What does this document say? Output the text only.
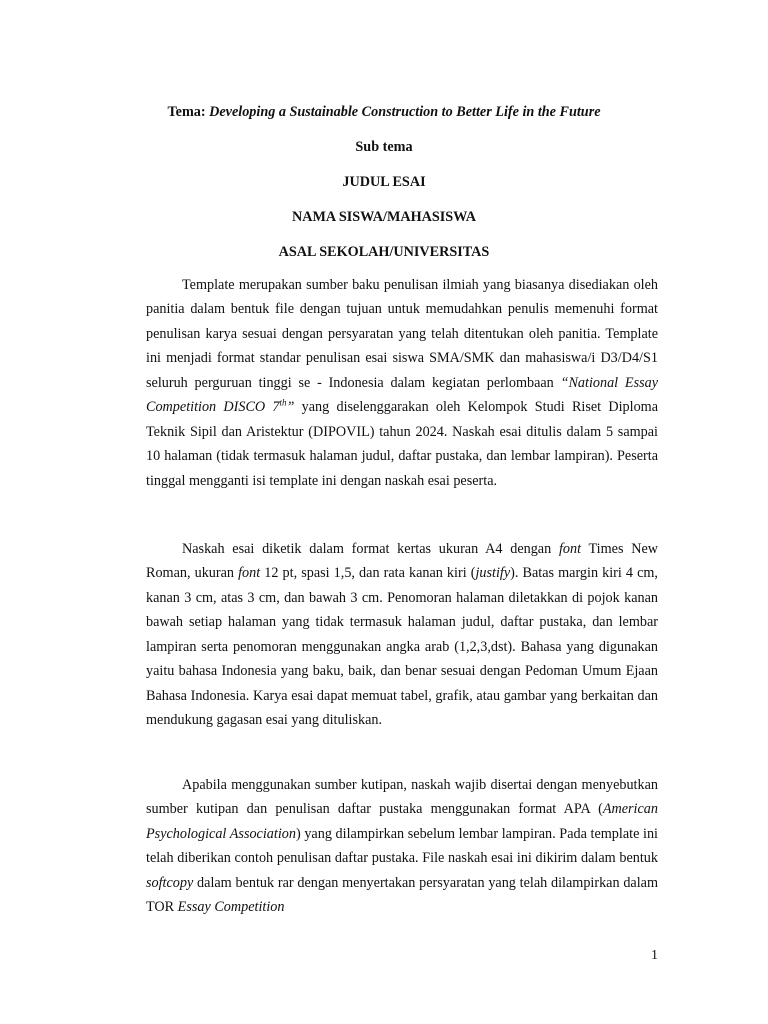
Tema: Developing a Sustainable Construction to Better Life in the Future
Sub tema
JUDUL ESAI
NAMA SISWA/MAHASISWA
ASAL SEKOLAH/UNIVERSITAS

Template merupakan sumber baku penulisan ilmiah yang biasanya disediakan oleh panitia dalam bentuk file dengan tujuan untuk memudahkan penulis memenuhi format penulisan karya sesuai dengan persyaratan yang telah ditentukan oleh panitia. Template ini menjadi format standar penulisan esai siswa SMA/SMK dan mahasiswa/i D3/D4/S1 seluruh perguruan tinggi se - Indonesia dalam kegiatan perlombaan “National Essay Competition DISCO 7th” yang diselenggarakan oleh Kelompok Studi Riset Diploma Teknik Sipil dan Aristektur (DIPOVIL) tahun 2024. Naskah esai ditulis dalam 5 sampai 10 halaman (tidak termasuk halaman judul, daftar pustaka, dan lembar lampiran). Peserta tinggal mengganti isi template ini dengan naskah esai peserta.

Naskah esai diketik dalam format kertas ukuran A4 dengan font Times New Roman, ukuran font 12 pt, spasi 1,5, dan rata kanan kiri (justify). Batas margin kiri 4 cm, kanan 3 cm, atas 3 cm, dan bawah 3 cm. Penomoran halaman diletakkan di pojok kanan bawah setiap halaman yang tidak termasuk halaman judul, daftar pustaka, dan lembar lampiran serta penomoran menggunakan angka arab (1,2,3,dst). Bahasa yang digunakan yaitu bahasa Indonesia yang baku, baik, dan benar sesuai dengan Pedoman Umum Ejaan Bahasa Indonesia. Karya esai dapat memuat tabel, grafik, atau gambar yang berkaitan dan mendukung gagasan esai yang dituliskan.

Apabila menggunakan sumber kutipan, naskah wajib disertai dengan menyebutkan sumber kutipan dan penulisan daftar pustaka menggunakan format APA (American Psychological Association) yang dilampirkan sebelum lembar lampiran. Pada template ini telah diberikan contoh penulisan daftar pustaka. File naskah esai ini dikirim dalam bentuk softcopy dalam bentuk rar dengan menyertakan persyaratan yang telah dilampirkan dalam TOR Essay Competition

1
